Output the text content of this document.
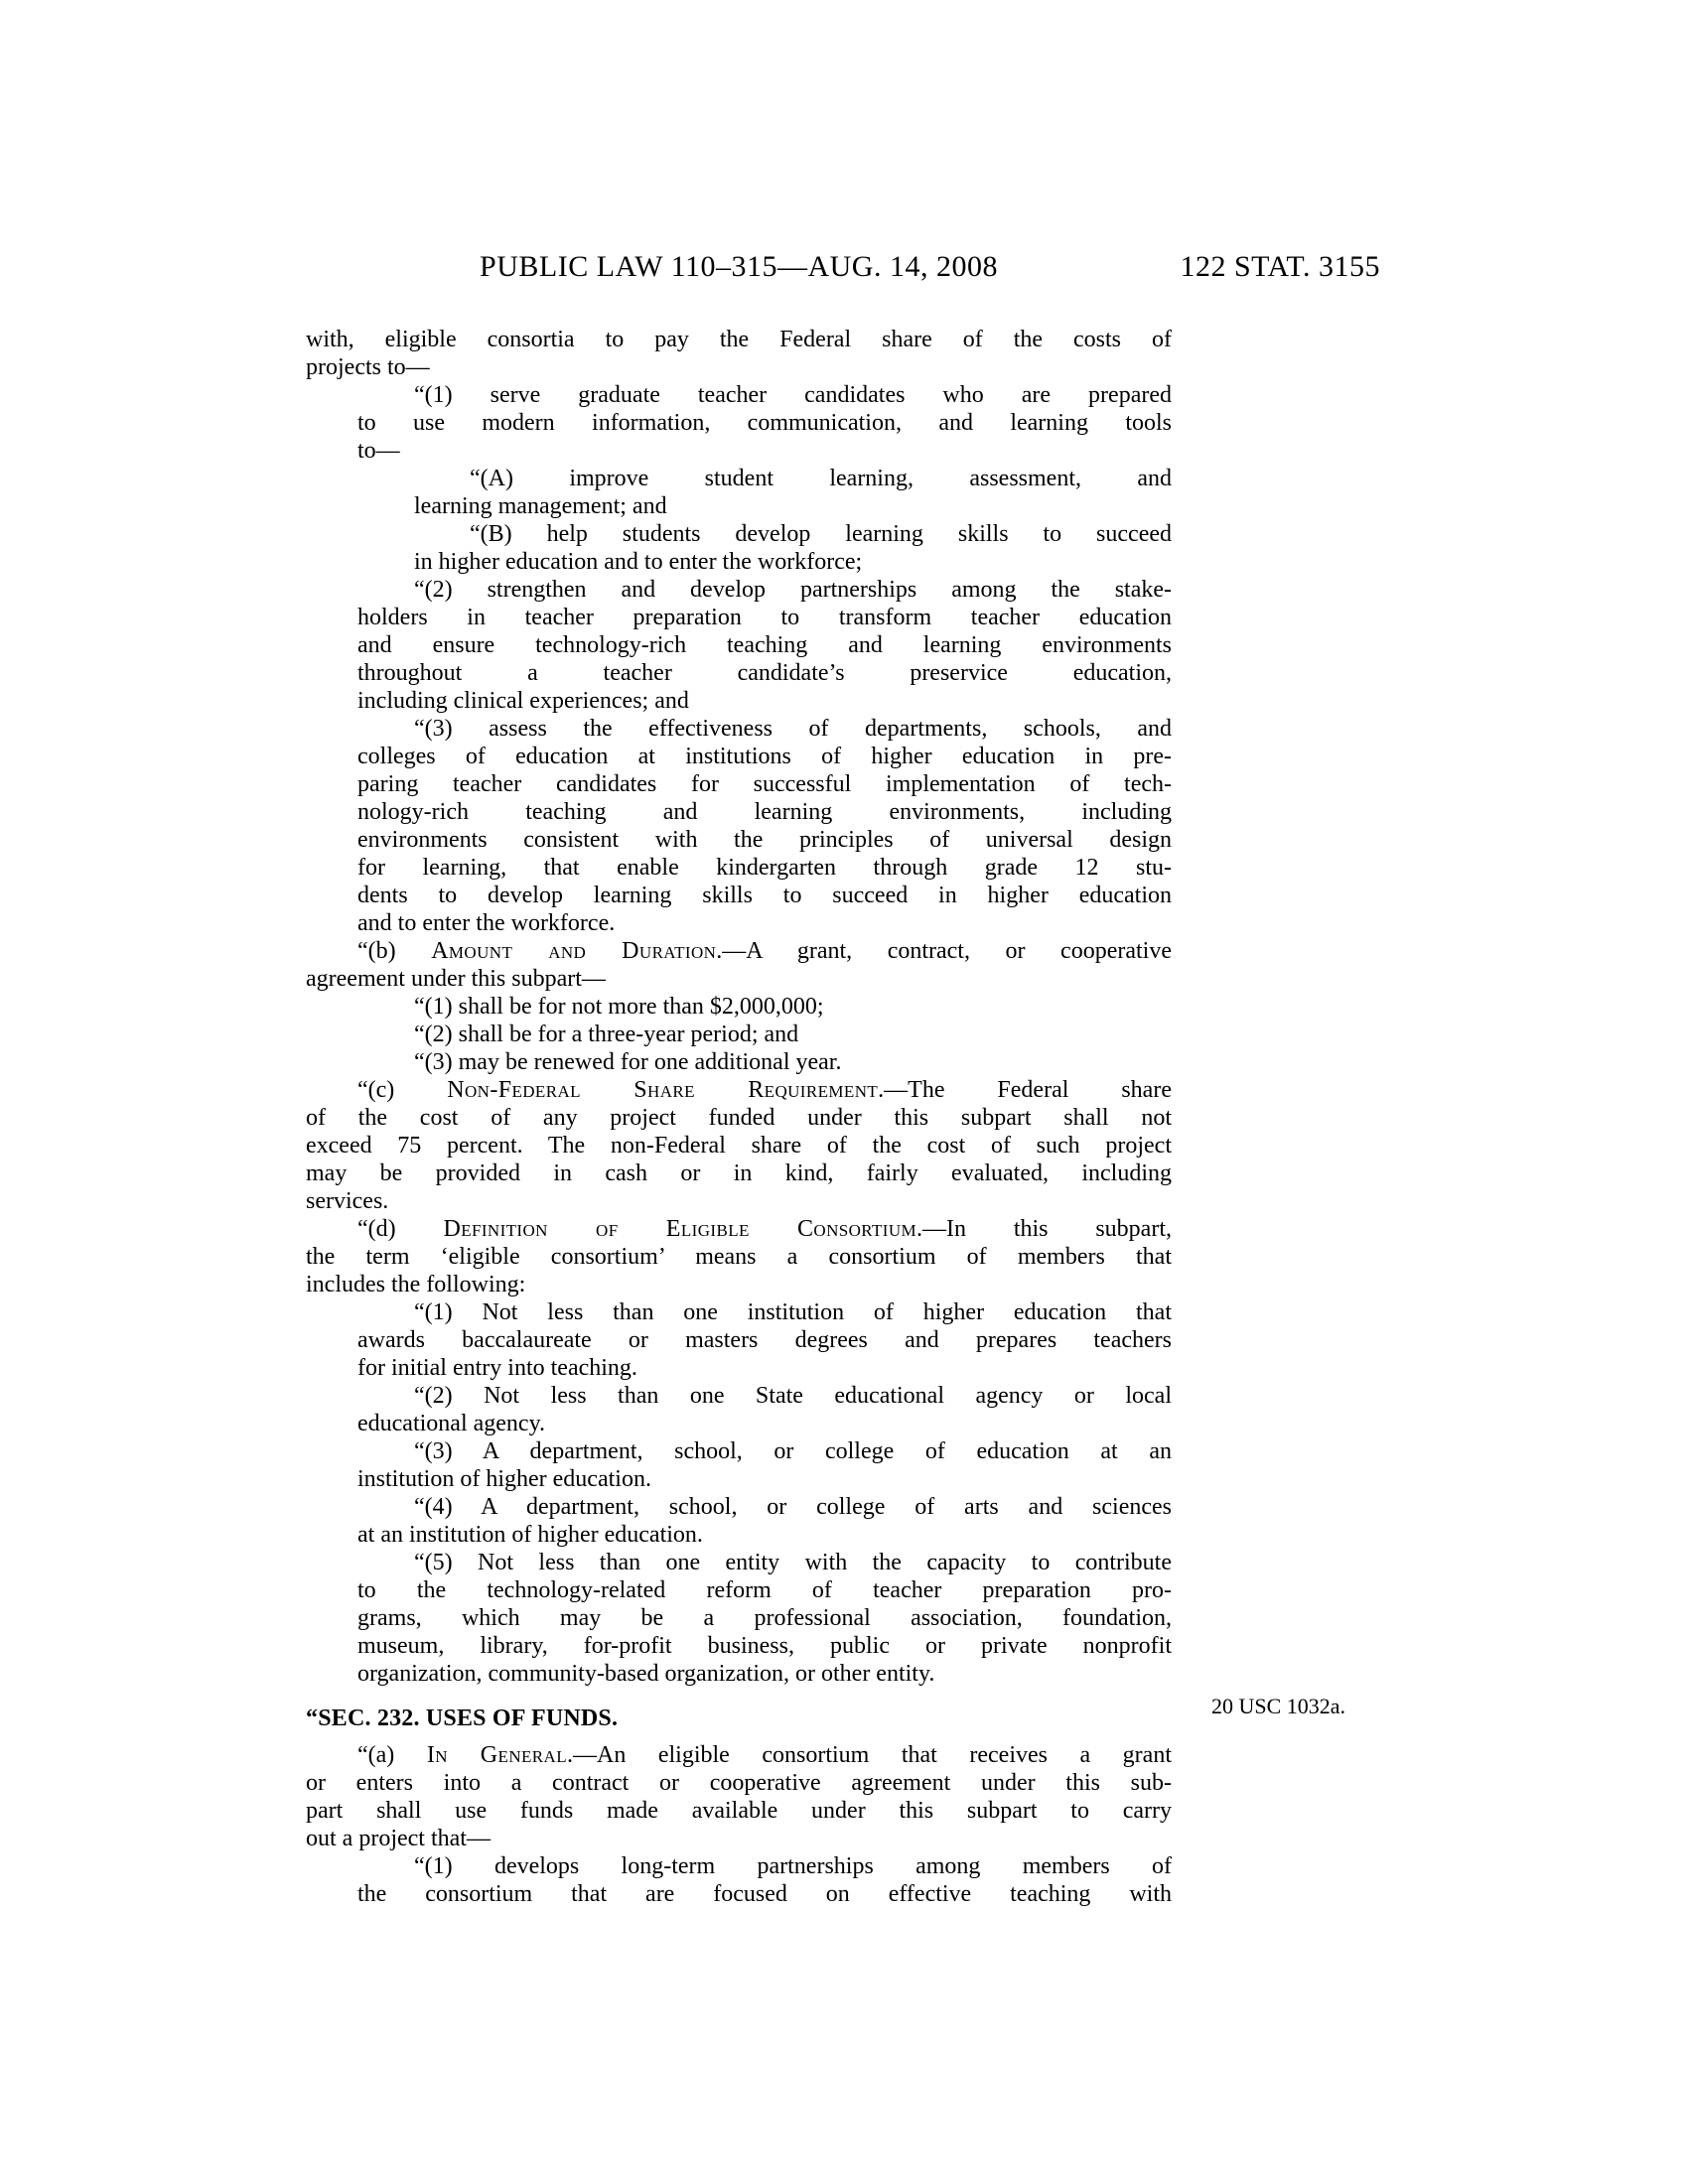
PUBLIC LAW 110–315—AUG. 14, 2008	122 STAT. 3155
with, eligible consortia to pay the Federal share of the costs of
projects to—
“(1) serve graduate teacher candidates who are prepared
to use modern information, communication, and learning tools
to—
“(A) improve student learning, assessment, and
learning management; and
“(B) help students develop learning skills to succeed
in higher education and to enter the workforce;
“(2) strengthen and develop partnerships among the stake-
holders in teacher preparation to transform teacher education
and ensure technology-rich teaching and learning environments
throughout a teacher candidate’s preservice education,
including clinical experiences; and
“(3) assess the effectiveness of departments, schools, and
colleges of education at institutions of higher education in pre-
paring teacher candidates for successful implementation of tech-
nology-rich teaching and learning environments, including
environments consistent with the principles of universal design
for learning, that enable kindergarten through grade 12 stu-
dents to develop learning skills to succeed in higher education
and to enter the workforce.
“(b) Amount and Duration.—A grant, contract, or cooperative
agreement under this subpart—
“(1) shall be for not more than $2,000,000;
“(2) shall be for a three-year period; and
“(3) may be renewed for one additional year.
“(c) Non-Federal Share Requirement.—The Federal share
of the cost of any project funded under this subpart shall not
exceed 75 percent. The non-Federal share of the cost of such project
may be provided in cash or in kind, fairly evaluated, including
services.
“(d) Definition of Eligible Consortium.—In this subpart,
the term ‘eligible consortium’ means a consortium of members that
includes the following:
“(1) Not less than one institution of higher education that
awards baccalaureate or masters degrees and prepares teachers
for initial entry into teaching.
“(2) Not less than one State educational agency or local
educational agency.
“(3) A department, school, or college of education at an
institution of higher education.
“(4) A department, school, or college of arts and sciences
at an institution of higher education.
“(5) Not less than one entity with the capacity to contribute
to the technology-related reform of teacher preparation pro-
grams, which may be a professional association, foundation,
museum, library, for-profit business, public or private nonprofit
organization, community-based organization, or other entity.
“SEC. 232. USES OF FUNDS.
“(a) In General.—An eligible consortium that receives a grant
or enters into a contract or cooperative agreement under this sub-
part shall use funds made available under this subpart to carry
out a project that—
“(1) develops long-term partnerships among members of
the consortium that are focused on effective teaching with
20 USC 1032a.
